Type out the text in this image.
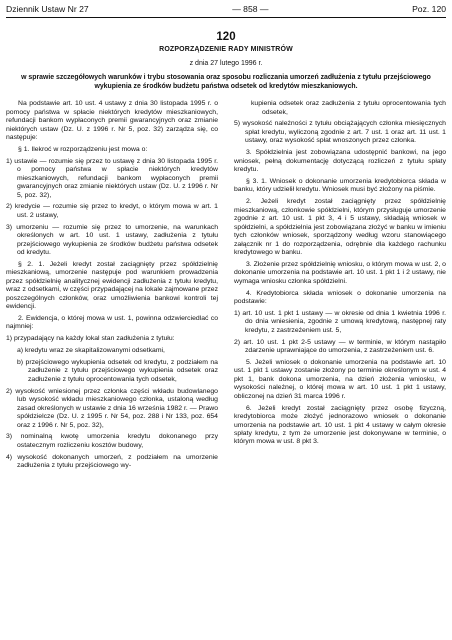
Dziennik Ustaw Nr 27	— 858 —	Poz. 120
120
ROZPORZĄDZENIE RADY MINISTRÓW
z dnia 27 lutego 1996 r.
w sprawie szczegółowych warunków i trybu stosowania oraz sposobu rozliczania umorzeń zadłużenia z tytułu przejściowego wykupienia ze środków budżetu państwa odsetek od kredytów mieszkaniowych.

Na podstawie art. 10 ust. 4 ustawy z dnia 30 listopada 1995 r. o pomocy państwa w spłacie niektórych kredytów mieszkaniowych, refundacji bankom wypłaconych premii gwarancyjnych oraz zmianie niektórych ustaw (Dz. U. z 1996 r. Nr 5, poz. 32) zarządza się, co następuje:

§ 1. Ilekroć w rozporządzeniu jest mowa o:

1) ustawie — rozumie się przez to ustawę z dnia 30 listopada 1995 r. o pomocy państwa w spłacie niektórych kredytów mieszkaniowych, refundacji bankom wypłaconych premii gwarancyjnych oraz zmianie niektórych ustaw (Dz. U. z 1996 r. Nr 5, poz. 32),

2) kredycie — rozumie się przez to kredyt, o którym mowa w art. 1 ust. 2 ustawy,

3) umorzeniu — rozumie się przez to umorzenie, na warunkach określonych w art. 10 ust. 1 ustawy, zadłużenia z tytułu przejściowego wykupienia ze środków budżetu państwa odsetek od kredytu.

§ 2. 1. Jeżeli kredyt został zaciągnięty przez spółdzielnię mieszkaniową, umorzenie następuje pod warunkiem prowadzenia przez spółdzielnię analitycznej ewidencji zadłużenia z tytułu kredytu, wraz z odsetkami, w części przypadającej na lokale zajmowane przez poszczególnych członków, oraz umożliwienia bankowi kontroli tej ewidencji.

2. Ewidencja, o której mowa w ust. 1, powinna odzwierciedlać co najmniej:

1) przypadający na każdy lokal stan zadłużenia z tytułu:

a) kredytu wraz ze skapitalizowanymi odsetkami,

b) przejściowego wykupienia odsetek od kredytu, z podziałem na zadłużenie z tytułu przejściowego wykupienia odsetek oraz zadłużenie z tytułu oprocentowania tych odsetek,

2) wysokość wniesionej przez członka części wkładu budowlanego lub wysokość wkładu mieszkaniowego członka, ustaloną według zasad określonych w ustawie z dnia 16 września 1982 r. — Prawo spółdzielcze (Dz. U. z 1995 r. Nr 54, poz. 288 i Nr 133, poz. 654 oraz z 1996 r. Nr 5, poz. 32),

3) nominalną kwotę umorzenia kredytu dokonanego przy ostatecznym rozliczeniu kosztów budowy,

4) wysokość dokonanych umorzeń, z podziałem na umorzenie zadłużenia z tytułu przejściowego wy-

kupienia odsetek oraz zadłużenia z tytułu oprocentowania tych odsetek,

5) wysokość należności z tytułu obciążających członka miesięcznych spłat kredytu, wyliczoną zgodnie z art. 7 ust. 1 oraz art. 11 ust. 1 ustawy, oraz wysokość spłat wnoszonych przez członka.

3. Spółdzielnia jest zobowiązana udostępnić bankowi, na jego wniosek, pełną dokumentację dotyczącą rozliczeń z tytułu spłaty kredytu.

§ 3. 1. Wniosek o dokonanie umorzenia kredytobiorca składa w banku, który udzielił kredytu. Wniosek musi być złożony na piśmie.

2. Jeżeli kredyt został zaciągnięty przez spółdzielnię mieszkaniową, członkowie spółdzielni, którym przysługuje umorzenie zgodnie z art. 10 ust. 1 pkt 3, 4 i 5 ustawy, składają wniosek w spółdzielni, a spółdzielnia jest zobowiązana złożyć w banku w imieniu tych członków wniosek, sporządzony według wzoru stanowiącego załącznik nr 1 do rozporządzenia, odrębnie dla każdego rachunku kredytowego w banku.

3. Złożenie przez spółdzielnię wniosku, o którym mowa w ust. 2, o dokonanie umorzenia na podstawie art. 10 ust. 1 pkt 1 i 2 ustawy, nie wymaga wniosku członka spółdzielni.

4. Kredytobiorca składa wniosek o dokonanie umorzenia na podstawie:

1) art. 10 ust. 1 pkt 1 ustawy — w okresie od dnia 1 kwietnia 1996 r. do dnia wniesienia, zgodnie z umową kredytową, następnej raty kredytu, z zastrzeżeniem ust. 5,

2) art. 10 ust. 1 pkt 2-5 ustawy — w terminie, w którym nastąpiło zdarzenie uprawniające do umorzenia, z zastrzeżeniem ust. 6.

5. Jeżeli wniosek o dokonanie umorzenia na podstawie art. 10 ust. 1 pkt 1 ustawy zostanie złożony po terminie określonym w ust. 4 pkt 1, bank dokona umorzenia, na dzień złożenia wniosku, w wysokości należnej, o której mowa w art. 10 ust. 1 pkt 1 ustawy, obliczonej na dzień 31 marca 1996 r.

6. Jeżeli kredyt został zaciągnięty przez osobę fizyczną, kredytobiorca może złożyć jednorazowo wniosek o dokonanie umorzenia na podstawie art. 10 ust. 1 pkt 4 ustawy w całym okresie spłaty kredytu, z tym że umorzenie jest dokonywane w terminie, o którym mowa w ust. 8 pkt 3.
